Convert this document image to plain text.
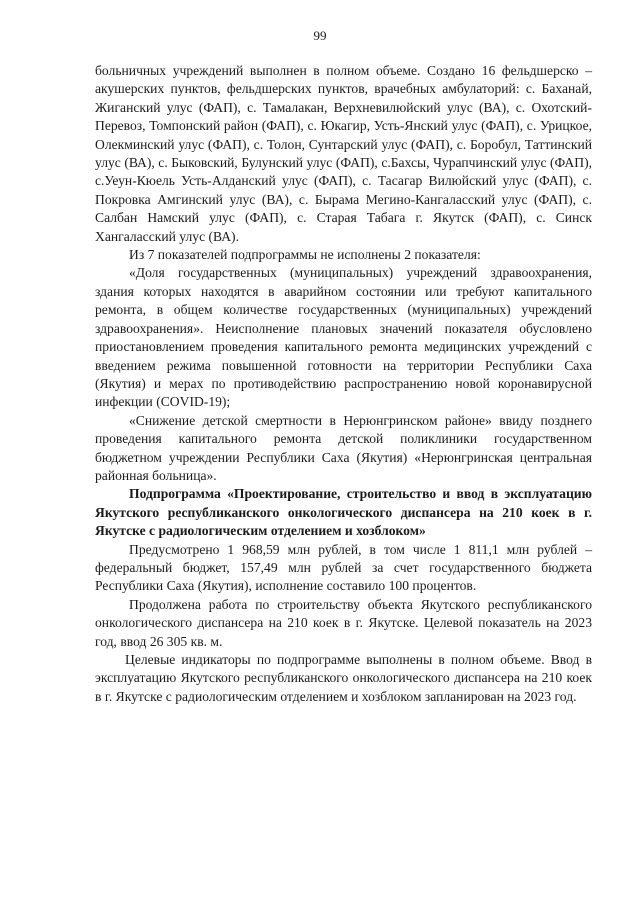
99

больничных учреждений выполнен в полном объеме. Создано 16 фельдшерско – акушерских пунктов, фельдшерских пунктов, врачебных амбулаторий: с. Баханай, Жиганский улус (ФАП), с. Тамалакан, Верхневилюйский улус (ВА), с. Охотский-Перевоз, Томпонский район (ФАП), с. Юкагир, Усть-Янский улус (ФАП), с. Урицкое, Олекминский улус (ФАП), с. Толон, Сунтарский улус (ФАП), с. Боробул, Таттинский улус (ВА), с. Быковский, Булунский улус (ФАП), с.Бахсы, Чурапчинский улус (ФАП), с.Уеун-Кюель Усть-Алданский улус (ФАП), с. Тасагар Вилюйский улус (ФАП), с. Покровка Амгинский улус (ВА), с. Бырама Мегино-Кангаласский улус (ФАП), с. Салбан Намский улус (ФАП), с. Старая Табага г. Якутск (ФАП), с. Синск Хангаласский улус (ВА).

Из 7 показателей подпрограммы не исполнены 2 показателя:

«Доля государственных (муниципальных) учреждений здравоохранения, здания которых находятся в аварийном состоянии или требуют капитального ремонта, в общем количестве государственных (муниципальных) учреждений здравоохранения». Неисполнение плановых значений показателя обусловлено приостановлением проведения капитального ремонта медицинских учреждений с введением режима повышенной готовности на территории Республики Саха (Якутия) и мерах по противодействию распространению новой коронавирусной инфекции (COVID-19);

«Снижение детской смертности в Нерюнгринском районе» ввиду позднего проведения капитального ремонта детской поликлиники государственном бюджетном учреждении Республики Саха (Якутия) «Нерюнгринская центральная районная больница».

Подпрограмма «Проектирование, строительство и ввод в эксплуатацию Якутского республиканского онкологического диспансера на 210 коек в г. Якутске с радиологическим отделением и хозблоком»

Предусмотрено 1 968,59 млн рублей, в том числе 1 811,1 млн рублей – федеральный бюджет, 157,49 млн рублей за счет государственного бюджета Республики Саха (Якутия), исполнение составило 100 процентов.

Продолжена работа по строительству объекта Якутского республиканского онкологического диспансера на 210 коек в г. Якутске. Целевой показатель на 2023 год, ввод 26 305 кв. м.

Целевые индикаторы по подпрограмме выполнены в полном объеме. Ввод в эксплуатацию Якутского республиканского онкологического диспансера на 210 коек в г. Якутске с радиологическим отделением и хозблоком запланирован на 2023 год.
